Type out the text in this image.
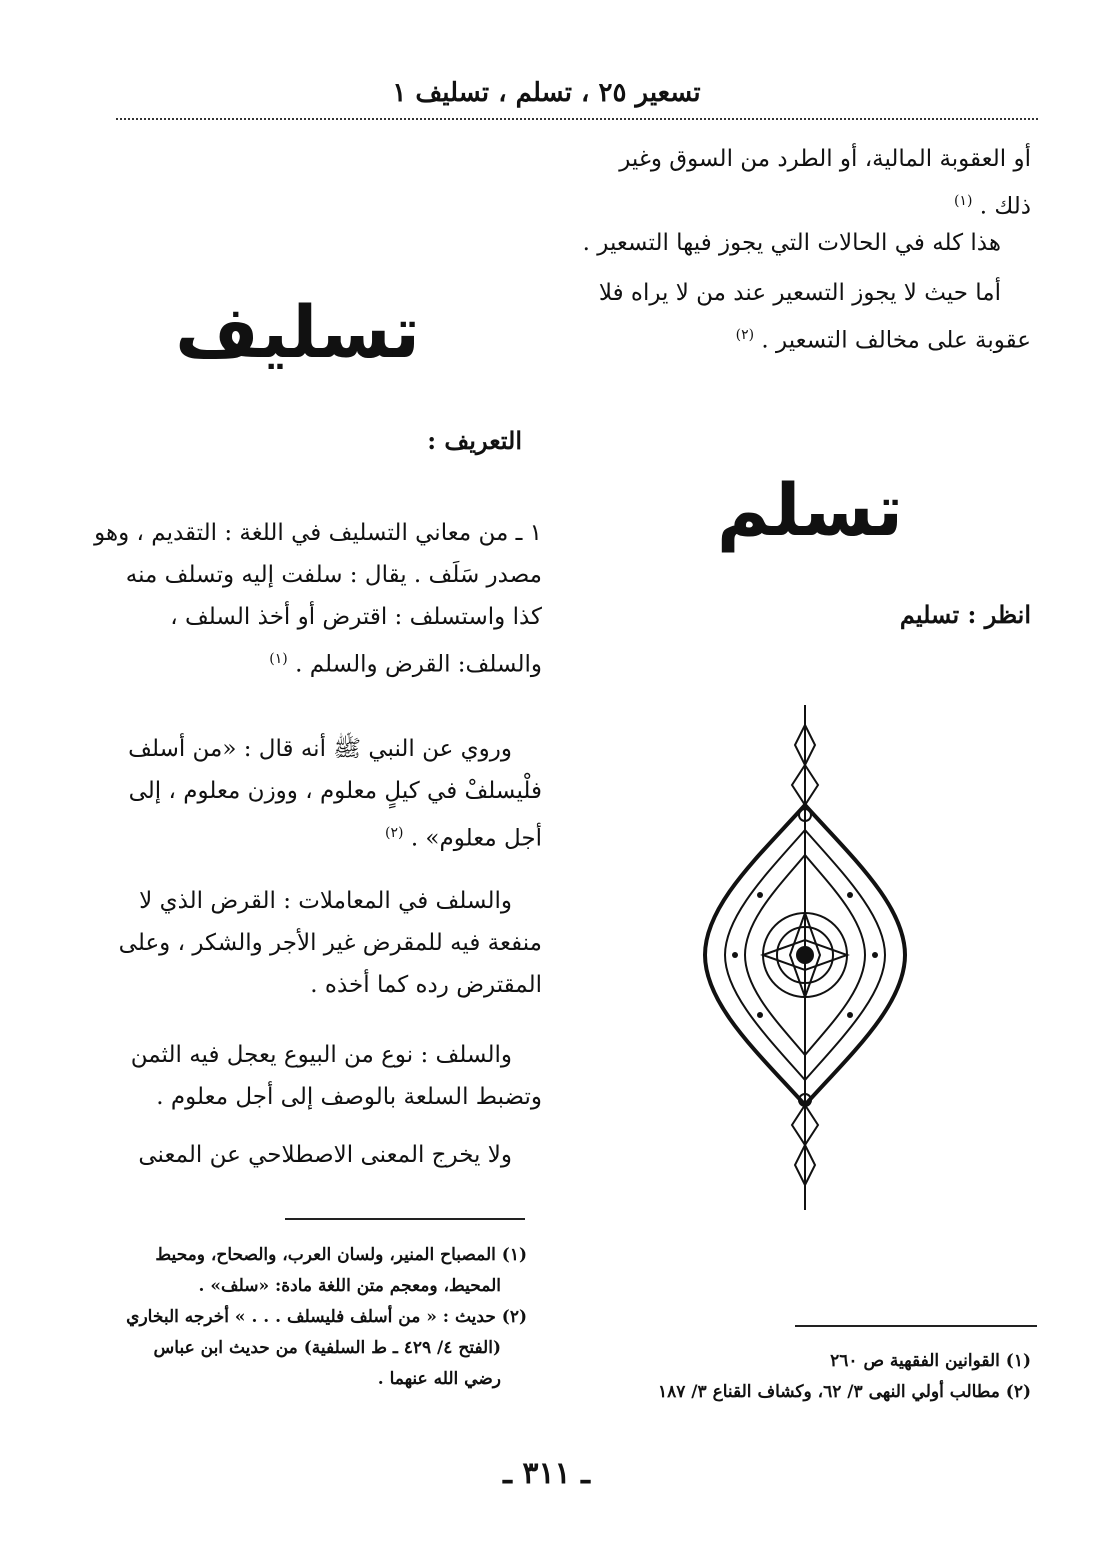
تسعير ٢٥ ، تسلم ، تسليف ١

أو العقوبة المالية، أو الطرد من السوق وغير
ذلك . $^{(١)}$

هذا كله في الحالات التي يجوز فيها التسعير .

أما حيث لا يجوز التسعير عند من لا يراه فلا
عقوبة على مخالف التسعير . $^{(٢)}$

تسليف
تسلم
انظر : تسليم
التعريف :

١ ـ من معاني التسليف في اللغة : التقديم ، وهو
مصدر سَلَف . يقال : سلفت إليه وتسلف منه
كذا واستسلف : اقترض أو أخذ السلف ،
والسلف: القرض والسلم . $^{(١)}$

وروي عن النبي ﷺ أنه قال : «من أسلف
فلْيسلفْ في كيلٍ معلوم ، ووزن معلوم ، إلى
أجل معلوم» . $^{(٢)}$

والسلف في المعاملات : القرض الذي لا
منفعة فيه للمقرض غير الأجر والشكر ، وعلى
المقترض رده كما أخذه .

والسلف : نوع من البيوع يعجل فيه الثمن
وتضبط السلعة بالوصف إلى أجل معلوم .

ولا يخرج المعنى الاصطلاحي عن المعنى

(١) المصباح المنير، ولسان العرب، والصحاح، ومحيط
المحيط، ومعجم متن اللغة مادة: «سلف» .
(٢) حديث : « من أسلف فليسلف . . . » أخرجه البخاري
(الفتح ٤/ ٤٢٩ ـ ط السلفية) من حديث ابن عباس
رضي الله عنهما .

(١) القوانين الفقهية ص ٢٦٠
(٢) مطالب أولي النهى ٣/ ٦٢، وكشاف القناع ٣/ ١٨٧

ـ ٣١١ ـ
